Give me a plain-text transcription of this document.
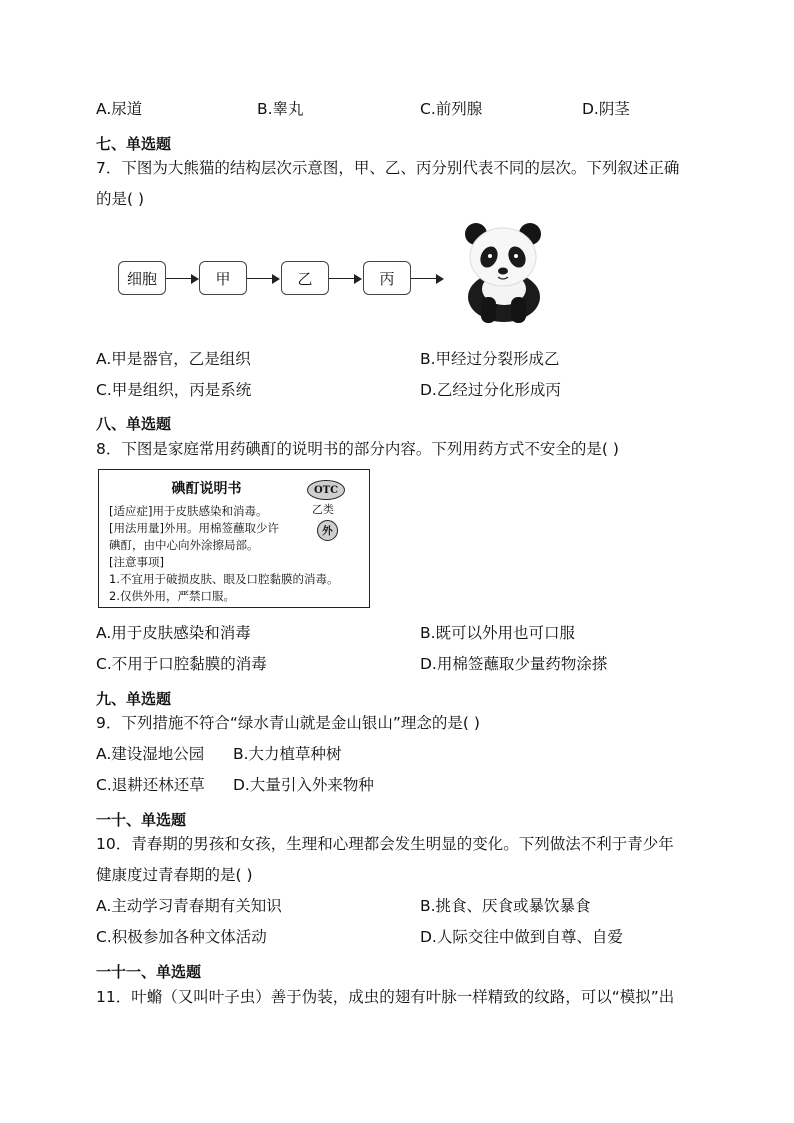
A.尿道	B.睾丸	C.前列腺	D.阴茎
七、单选题
7．下图为大熊猫的结构层次示意图，甲、乙、丙分别代表不同的层次。下列叙述正确
的是( )
细胞	甲	乙	丙
A.甲是器官，乙是组织	B.甲经过分裂形成乙
C.甲是组织，丙是系统	D.乙经过分化形成丙
八、单选题
8．下图是家庭常用药碘酊的说明书的部分内容。下列用药方式不安全的是( )
碘酊说明书	OTC
乙类
外
[适应症]用于皮肤感染和消毒。
[用法用量]外用。用棉签蘸取少许
碘酊，由中心向外涂擦局部。
[注意事项]
1.不宜用于破损皮肤、眼及口腔黏膜的消毒。
2.仅供外用，严禁口服。
A.用于皮肤感染和消毒	B.既可以外用也可口服
C.不用于口腔黏膜的消毒	D.用棉签蘸取少量药物涂搽
九、单选题
9．下列措施不符合“绿水青山就是金山银山”理念的是( )
A.建设湿地公园 B.大力植草种树
C.退耕还林还草 D.大量引入外来物种
一十、单选题
10．青春期的男孩和女孩，生理和心理都会发生明显的变化。下列做法不利于青少年
健康度过青春期的是( )
A.主动学习青春期有关知识	B.挑食、厌食或暴饮暴食
C.积极参加各种文体活动	D.人际交往中做到自尊、自爱
一十一、单选题
11．叶䗛（又叫叶子虫）善于伪装，成虫的翅有叶脉一样精致的纹路，可以“模拟”出
